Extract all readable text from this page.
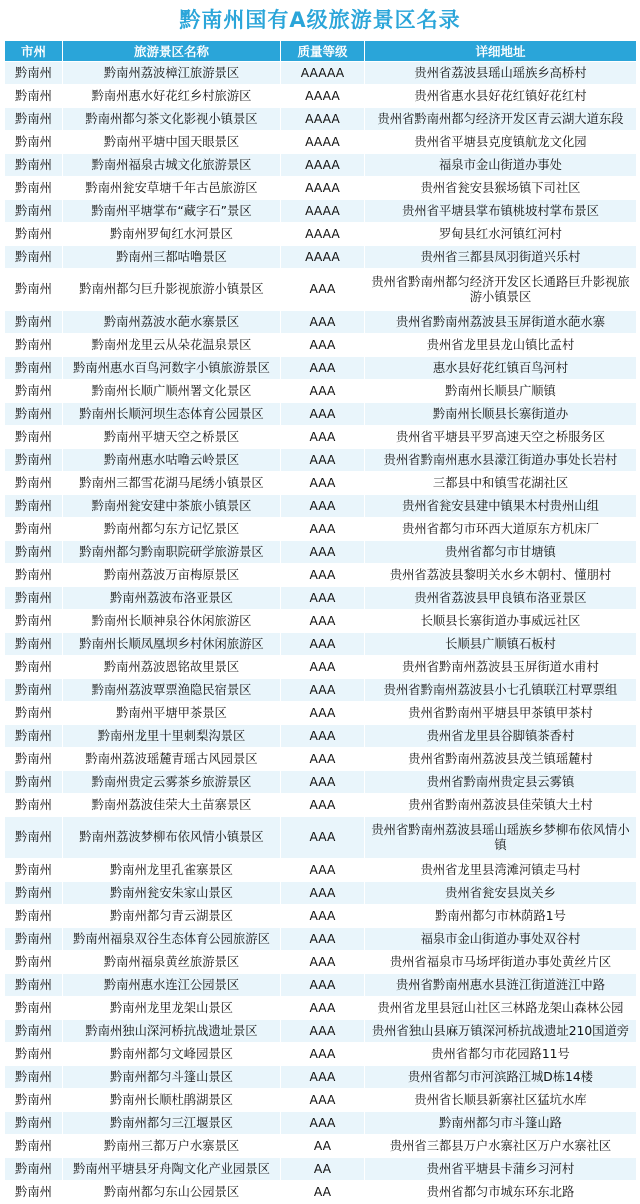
黔南州国有A级旅游景区名录
市州	旅游景区名称	质量等级	详细地址
黔南州	黔南州荔波樟江旅游景区	AAAAA	贵州省荔波县瑶山瑶族乡高桥村
黔南州	黔南州惠水好花红乡村旅游区	AAAA	贵州省惠水县好花红镇好花红村
黔南州	黔南州都匀茶文化影视小镇景区	AAAA	贵州省黔南州都匀经济开发区青云湖大道东段
黔南州	黔南州平塘中国天眼景区	AAAA	贵州省平塘县克度镇航龙文化园
黔南州	黔南州福泉古城文化旅游景区	AAAA	福泉市金山街道办事处
黔南州	黔南州瓮安草塘千年古邑旅游区	AAAA	贵州省瓮安县猴场镇下司社区
黔南州	黔南州平塘掌布“藏字石”景区	AAAA	贵州省平塘县掌布镇桃坡村掌布景区
黔南州	黔南州罗甸红水河景区	AAAA	罗甸县红水河镇红河村
黔南州	黔南州三都咕噜景区	AAAA	贵州省三都县凤羽街道兴乐村
黔南州	黔南州都匀巨升影视旅游小镇景区	AAA	贵州省黔南州都匀经济开发区长通路巨升影视旅游小镇景区
黔南州	黔南州荔波水葩水寨景区	AAA	贵州省黔南州荔波县玉屏街道水葩水寨
黔南州	黔南州龙里云从朵花温泉景区	AAA	贵州省龙里县龙山镇比孟村
黔南州	黔南州惠水百鸟河数字小镇旅游景区	AAA	惠水县好花红镇百鸟河村
黔南州	黔南州长顺广顺州署文化景区	AAA	黔南州长顺县广顺镇
黔南州	黔南州长顺河坝生态体育公园景区	AAA	黔南州长顺县长寨街道办
黔南州	黔南州平塘天空之桥景区	AAA	贵州省平塘县平罗高速天空之桥服务区
黔南州	黔南州惠水咕噜云岭景区	AAA	贵州省黔南州惠水县濛江街道办事处长岩村
黔南州	黔南州三都雪花湖马尾绣小镇景区	AAA	三都县中和镇雪花湖社区
黔南州	黔南州瓮安建中茶旅小镇景区	AAA	贵州省瓮安县建中镇果木村贵州山组
黔南州	黔南州都匀东方记忆景区	AAA	贵州省都匀市环西大道原东方机床厂
黔南州	黔南州都匀黔南职院研学旅游景区	AAA	贵州省都匀市甘塘镇
黔南州	黔南州荔波万亩梅原景区	AAA	贵州省荔波县黎明关水乡木朝村、懂朋村
黔南州	黔南州荔波布洛亚景区	AAA	贵州省荔波县甲良镇布洛亚景区
黔南州	黔南州长顺神泉谷休闲旅游区	AAA	长顺县长寨街道办事威远社区
黔南州	黔南州长顺凤凰坝乡村休闲旅游区	AAA	长顺县广顺镇石板村
黔南州	黔南州荔波恩铭故里景区	AAA	贵州省黔南州荔波县玉屏街道水甫村
黔南州	黔南州荔波覃票渔隐民宿景区	AAA	贵州省黔南州荔波县小七孔镇联江村覃票组
黔南州	黔南州平塘甲茶景区	AAA	贵州省黔南州平塘县甲茶镇甲茶村
黔南州	黔南州龙里十里刺梨沟景区	AAA	贵州省龙里县谷脚镇茶香村
黔南州	黔南州荔波瑶麓青瑶古风园景区	AAA	贵州省黔南州荔波县茂兰镇瑶麓村
黔南州	黔南州贵定云雾茶乡旅游景区	AAA	贵州省黔南州贵定县云雾镇
黔南州	黔南州荔波佳荣大土苗寨景区	AAA	贵州省黔南州荔波县佳荣镇大土村
黔南州	黔南州荔波梦柳布依风情小镇景区	AAA	贵州省黔南州荔波县瑶山瑶族乡梦柳布依风情小镇
黔南州	黔南州龙里孔雀寨景区	AAA	贵州省龙里县湾滩河镇走马村
黔南州	黔南州瓮安朱家山景区	AAA	贵州省瓮安县岚关乡
黔南州	黔南州都匀青云湖景区	AAA	黔南州都匀市林荫路1号
黔南州	黔南州福泉双谷生态体育公园旅游区	AAA	福泉市金山街道办事处双谷村
黔南州	黔南州福泉黄丝旅游景区	AAA	贵州省福泉市马场坪街道办事处黄丝片区
黔南州	黔南州惠水连江公园景区	AAA	贵州省黔南州惠水县涟江街道涟江中路
黔南州	黔南州龙里龙架山景区	AAA	贵州省龙里县冠山社区三林路龙架山森林公园
黔南州	黔南州独山深河桥抗战遗址景区	AAA	贵州省独山县麻万镇深河桥抗战遗址210国道旁
黔南州	黔南州都匀文峰园景区	AAA	贵州省都匀市花园路11号
黔南州	黔南州都匀斗篷山景区	AAA	贵州省都匀市河滨路江城D栋14楼
黔南州	黔南州长顺杜鹃湖景区	AAA	贵州省长顺县新寨社区猛坑水库
黔南州	黔南州都匀三江堰景区	AAA	黔南州都匀市斗篷山路
黔南州	黔南州三都万户水寨景区	AA	贵州省三都县万户水寨社区万户水寨社区
黔南州	黔南州平塘县牙舟陶文化产业园景区	AA	贵州省平塘县卡蒲乡习河村
黔南州	黔南州都匀东山公园景区	AA	贵州省都匀市城东环东北路
